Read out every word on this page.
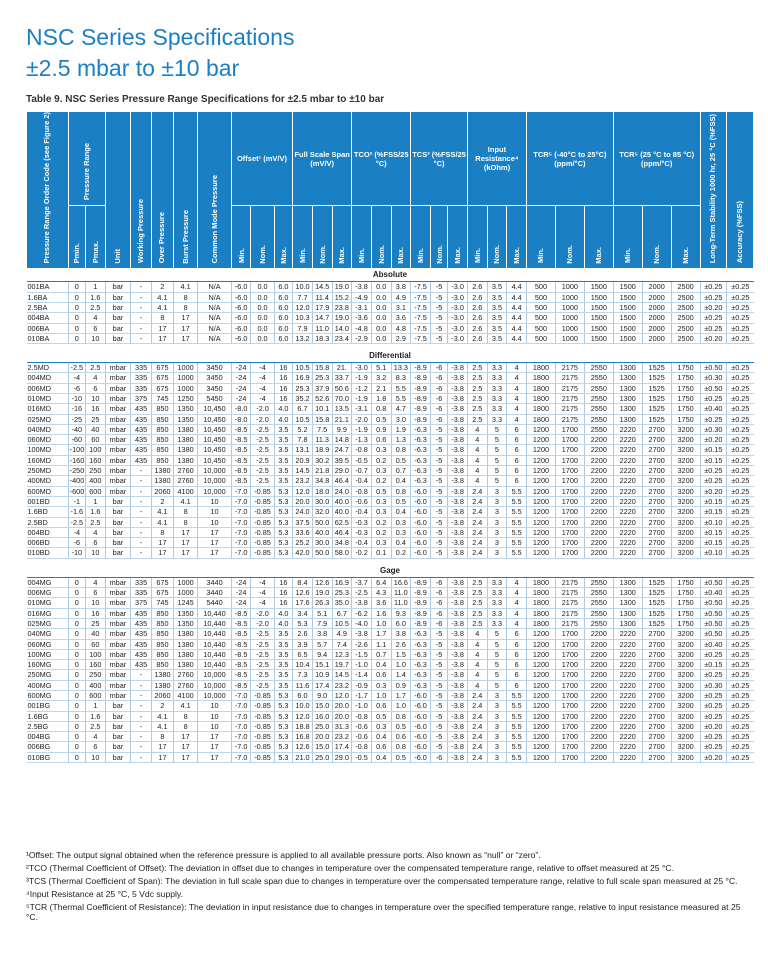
NSC Series Specifications
±2.5 mbar to ±10 bar
Table 9. NSC Series Pressure Range Specifications for ±2.5 mbar to ±10 bar
Pressure Range Order Code (see Figure 2)	Pressure Range		Unit	Working Pressure	Over Pressure	Burst Pressure	Common Mode Pressure	Offset¹ (mV/V)			Full Scale Span (mV/V)			TCO² (%FSS/25 °C)			TCS³ (%FSS/25 °C)			Input Resistance⁴ (kOhm)			TCR⁵ (-40°C to 25°C) (ppm/°C)			TCR⁵ (25 °C to 85 °C) (ppm/°C)			Long-Term Stability 1000 hr, 25 °C (%FSS)	Accuracy (%FSS)
	Pmin.	Pmax.						Min.	Nom.	Max.	Min.	Nom.	Max.	Min.	Nom.	Max.	Min.	Nom.	Max.	Min.	Nom.	Max.	Min.	Nom.	Max.	Min.	Nom.	Max.		
Absolute																														
001BA	0	1	bar	-	2	4.1	N/A	-6.0	0.0	6.0	10.0	14.5	19.0	-3.8	0.0	3.8	-7.5	-5	-3.0	2.6	3.5	4.4	500	1000	1500	1500	2000	2500	±0.25	±0.25
1.6BA	0	1.6	bar	-	4.1	8	N/A	-6.0	0.0	6.0	7.7	11.4	15.2	-4.9	0.0	4.9	-7.5	-5	-3.0	2.6	3.5	4.4	500	1000	1500	1500	2000	2500	±0.25	±0.25
2.5BA	0	2.5	bar	-	4.1	8	N/A	-6.0	0.0	6.0	12.0	17.9	23.8	-3.1	0.0	3.1	-7.5	-5	-3.0	2.6	3.5	4.4	500	1000	1500	1500	2000	2500	±0.20	±0.25
004BA	0	4	bar	-	8	17	N/A	-6.0	0.0	6.0	10.3	14.7	19.0	-3.6	0.0	3.6	-7.5	-5	-3.0	2.6	3.5	4.4	500	1000	1500	1500	2000	2500	±0.25	±0.25
006BA	0	6	bar	-	17	17	N/A	-6.0	0.0	6.0	7.9	11.0	14.0	-4.8	0.0	4.8	-7.5	-5	-3.0	2.6	3.5	4.4	500	1000	1500	1500	2000	2500	±0.25	±0.25
010BA	0	10	bar	-	17	17	N/A	-6.0	0.0	6.0	13.2	18.3	23.4	-2.9	0.0	2.9	-7.5	-5	-3.0	2.6	3.5	4.4	500	1000	1500	1500	2000	2500	±0.20	±0.25

Differential																														
2.5MD	-2.5	2.5	mbar	335	675	1000	3450	-24	-4	16	10.5	15.8	21.	-3.0	5.1	13.3	-8.9	-6	-3.8	2.5	3.3	4	1800	2175	2550	1300	1525	1750	±0.50	±0.25
004MD	-4	4	mbar	335	675	1000	3450	-24	-4	16	16.9	25.3	33.7	-1.9	3.2	8.3	-8.9	-6	-3.8	2.5	3.3	4	1800	2175	2550	1300	1525	1750	±0.30	±0.25
006MD	-6	6	mbar	335	675	1000	3450	-24	-4	16	25.3	37.9	50.6	-1.2	2.1	5.5	-8.9	-6	-3.8	2.5	3.3	4	1800	2175	2550	1300	1525	1750	±0.50	±0.25
010MD	-10	10	mbar	375	745	1250	5450	-24	-4	16	35.2	52.6	70.0	-1.9	1.8	5.5	-8.9	-6	-3.8	2.5	3.3	4	1800	2175	2550	1300	1525	1750	±0.25	±0.25
016MD	-16	16	mbar	435	850	1350	10,450	-8.0	-2.0	4.0	6.7	10.1	13.5	-3.1	0.8	4.7	-8.9	-6	-3.8	2.5	3.3	4	1800	2175	2550	1300	1525	1750	±0.40	±0.25
025MD	-25	25	mbar	435	850	1350	10,450	-8.0	-2.0	4.0	10.5	15.8	21.1	-2.0	0.5	3.0	-8.9	-6	-3.8	2.5	3.3	4	1800	2175	2550	1300	1525	1750	±0.25	±0.25
040MD	-40	40	mbar	435	850	1380	10,450	-8.5	-2.5	3.5	5.2	7.5	9.9	-1.9	0.9	1.9	-6.3	-5	-3.8	4	5	6	1200	1700	2550	2220	2700	3200	±0.30	±0.25
060MD	-60	60	mbar	435	850	1380	10,450	-8.5	-2.5	3.5	7.8	11.3	14.8	-1.3	0.6	1.3	-6.3	-5	-3.8	4	5	6	1200	1700	2200	2220	2700	3200	±0.20	±0.25
100MD	-100	100	mbar	435	850	1380	10,450	-8.5	-2.5	3.5	13.1	18.9	24.7	-0.8	0.3	0.8	-6.3	-5	-3.8	4	5	6	1200	1700	2200	2220	2700	3200	±0.15	±0.25
160MD	-160	160	mbar	435	850	1380	10,450	-8.5	-2.5	3.5	20.9	30.2	39.5	-0.5	0.2	0.5	-6.3	-5	-3.8	4	5	6	1200	1700	2200	2220	2700	3200	±0.15	±0.25
250MD	-250	250	mbar	-	1380	2760	10,000	-8.5	-2.5	3.5	14.5	21.8	29.0	-0.7	0.3	0.7	-6.3	-5	-3.8	4	5	6	1200	1700	2200	2220	2700	3200	±0.25	±0.25
400MD	-400	400	mbar	-	1380	2760	10,000	-8.5	-2.5	3.5	23.2	34.8	46.4	-0.4	0.2	0.4	-6.3	-5	-3.8	4	5	6	1200	1700	2200	2220	2700	3200	±0.25	±0.25
600MD	-600	600	mbar	-	2060	4100	10,000	-7.0	-0.85	5.3	12.0	18.0	24.0	-0.8	0.5	0.8	-6.0	-5	-3.8	2.4	3	5.5	1200	1700	2200	2220	2700	3200	±0.20	±0.25
001BD	-1	1	bar	-	2	4.1	10	-7.0	-0.85	5.3	20.0	30.0	40.0	-0.6	0.3	0.5	-6.0	-5	-3.8	2.4	3	5.5	1200	1700	2200	2220	2700	3200	±0.15	±0.25
1.6BD	-1.6	1.6	bar	-	4.1	8	10	-7.0	-0.85	5.3	24.0	32.0	40.0	-0.4	0.3	0.4	-6.0	-5	-3.8	2.4	3	5.5	1200	1700	2200	2220	2700	3200	±0.15	±0.25
2.5BD	-2.5	2.5	bar	-	4.1	8	10	-7.0	-0.85	5.3	37.5	50.0	62.5	-0.3	0.2	0.3	-6.0	-5	-3.8	2.4	3	5.5	1200	1700	2200	2220	2700	3200	±0.10	±0.25
004BD	-4	4	bar	-	8	17	17	-7.0	-0.85	5.3	33.6	40.0	46.4	-0.3	0.2	0.3	-6.0	-5	-3.8	2.4	3	5.5	1200	1700	2200	2220	2700	3200	±0.15	±0.25
006BD	-6	6	bar	-	17	17	17	-7.0	-0.85	5.3	25.2	30.0	34.8	-0.4	0.3	0.4	-6.0	-5	-3.8	2.4	3	5.5	1200	1700	2200	2220	2700	3200	±0.15	±0.25
010BD	-10	10	bar	-	17	17	17	-7.0	-0.85	5.3	42.0	50.0	58.0	-0.2	0.1	0.2	-6.0	-5	-3.8	2.4	3	5.5	1200	1700	2200	2220	2700	3200	±0.10	±0.25

Gage																														
004MG	0	4	mbar	335	675	1000	3440	-24	-4	16	8.4	12.6	16.9	-3.7	6.4	16.6	-8.9	-6	-3.8	2.5	3.3	4	1800	2175	2550	1300	1525	1750	±0.50	±0.25
006MG	0	6	mbar	335	675	1000	3440	-24	-4	16	12.6	19.0	25.3	-2.5	4.3	11.0	-8.9	-6	-3.8	2.5	3.3	4	1800	2175	2550	1300	1525	1750	±0.40	±0.25
010MG	0	10	mbar	375	745	1245	5440	-24	-4	16	17.6	26.3	35.0	-3.8	3.6	11.0	-8.9	-6	-3.8	2.5	3.3	4	1800	2175	2550	1300	1525	1750	±0.50	±0.25
016MG	0	16	mbar	435	850	1350	10,440	-8.5	-2.0	4.0	3.4	5.1	6.7	-6.2	1.6	9.3	-8.9	-6	-3.8	2.5	3.3	4	1800	2175	2550	1300	1525	1750	±0.50	±0.25
025MG	0	25	mbar	435	850	1350	10,440	-8.5	-2.0	4.0	5.3	7.9	10.5	-4.0	1.0	6.0	-8.9	-6	-3.8	2.5	3.3	4	1800	2175	2550	1300	1525	1750	±0.50	±0.25
040MG	0	40	mbar	435	850	1380	10,440	-8.5	-2.5	3.5	2.6	3.8	4.9	-3.8	1.7	3.8	-6.3	-5	-3.8	4	5	6	1200	1700	2200	2220	2700	3200	±0.50	±0.25
060MG	0	60	mbar	435	850	1380	10,440	-8.5	-2.5	3.5	3.9	5.7	7.4	-2.6	1.1	2.6	-6.3	-5	-3.8	4	5	6	1200	1700	2200	2220	2700	3200	±0.40	±0.25
100MG	0	100	mbar	435	850	1380	10,440	-8.5	-2.5	3.5	6.5	9.4	12.3	-1.5	0.7	1.5	-6.3	-5	-3.8	4	5	6	1200	1700	2200	2220	2700	3200	±0.25	±0.25
160MG	0	160	mbar	435	850	1380	10,440	-8.5	-2.5	3.5	10.4	15.1	19.7	-1.0	0.4	1.0	-6.3	-5	-3.8	4	5	6	1200	1700	2200	2220	2700	3200	±0.15	±0.25
250MG	0	250	mbar	-	1380	2760	10,000	-8.5	-2.5	3.5	7.3	10.9	14.5	-1.4	0.6	1.4	-6.3	-5	-3.8	4	5	6	1200	1700	2200	2220	2700	3200	±0.25	±0.25
400MG	0	400	mbar	-	1380	2760	10,000	-8.5	-2.5	3.5	11.6	17.4	23.2	-0.9	0.3	0.9	-6.3	-5	-3.8	4	5	6	1200	1700	2200	2220	2700	3200	±0.30	±0.25
600MG	0	600	mbar	-	2060	4100	10,000	-7.0	-0.85	5.3	6.0	9.0	12.0	-1.7	1.0	1.7	-6.0	-5	-3.8	2.4	3	5.5	1200	1700	2200	2220	2700	3200	±0.25	±0.25
001BG	0	1	bar	-	2	4.1	10	-7.0	-0.85	5.3	10.0	15.0	20.0	-1.0	0.6	1.0	-6.0	-5	-3.8	2.4	3	5.5	1200	1700	2200	2220	2700	3200	±0.25	±0.25
1.6BG	0	1.6	bar	-	4.1	8	10	-7.0	-0.85	5.3	12.0	16.0	20.0	-0.8	0.5	0.8	-6.0	-5	-3.8	2.4	3	5.5	1200	1700	2200	2220	2700	3200	±0.25	±0.25
2.5BG	0	2.5	bar	-	4.1	8	10	-7.0	-0.85	5.3	18.8	25.0	31.3	-0.6	0.3	0.5	-6.0	-5	-3.8	2.4	3	5.5	1200	1700	2200	2220	2700	3200	±0.20	±0.25
004BG	0	4	bar	-	8	17	17	-7.0	-0.85	5.3	16.8	20.0	23.2	-0.6	0.4	0.6	-6.0	-5	-3.8	2.4	3	5.5	1200	1700	2200	2220	2700	3200	±0.25	±0.25
006BG	0	6	bar	-	17	17	17	-7.0	-0.85	5.3	12.6	15.0	17.4	-0.8	0.6	0.8	-6.0	-5	-3.8	2.4	3	5.5	1200	1700	2200	2220	2700	3200	±0.25	±0.25
010BG	0	10	bar	-	17	17	17	-7.0	-0.85	5.3	21.0	25.0	29.0	-0.5	0.4	0.5	-6.0	-6	-3.8	2.4	3	5.5	1200	1700	2200	2220	2700	3200	±0.20	±0.25

¹Offset: The output signal obtained when the reference pressure is applied to all available pressure ports. Also known as “null” or “zero”.

²TCO (Thermal Coefficient of Offset): The deviation in offset due to changes in temperature over the compensated temperature range, relative to offset measured at 25 °C.

³TCS (Thermal Coefficient of Span): The deviation in full scale span due to changes in temperature over the compensated temperature range, relative to full scale span measured at 25 °C.

⁴Input Resistance at 25 °C, 5 Vdc supply.

⁵TCR (Thermal Coefficient of Resistance): The deviation in input resistance due to changes in temperature over the specified temperature range, relative to input resistance measured at 25 °C.
